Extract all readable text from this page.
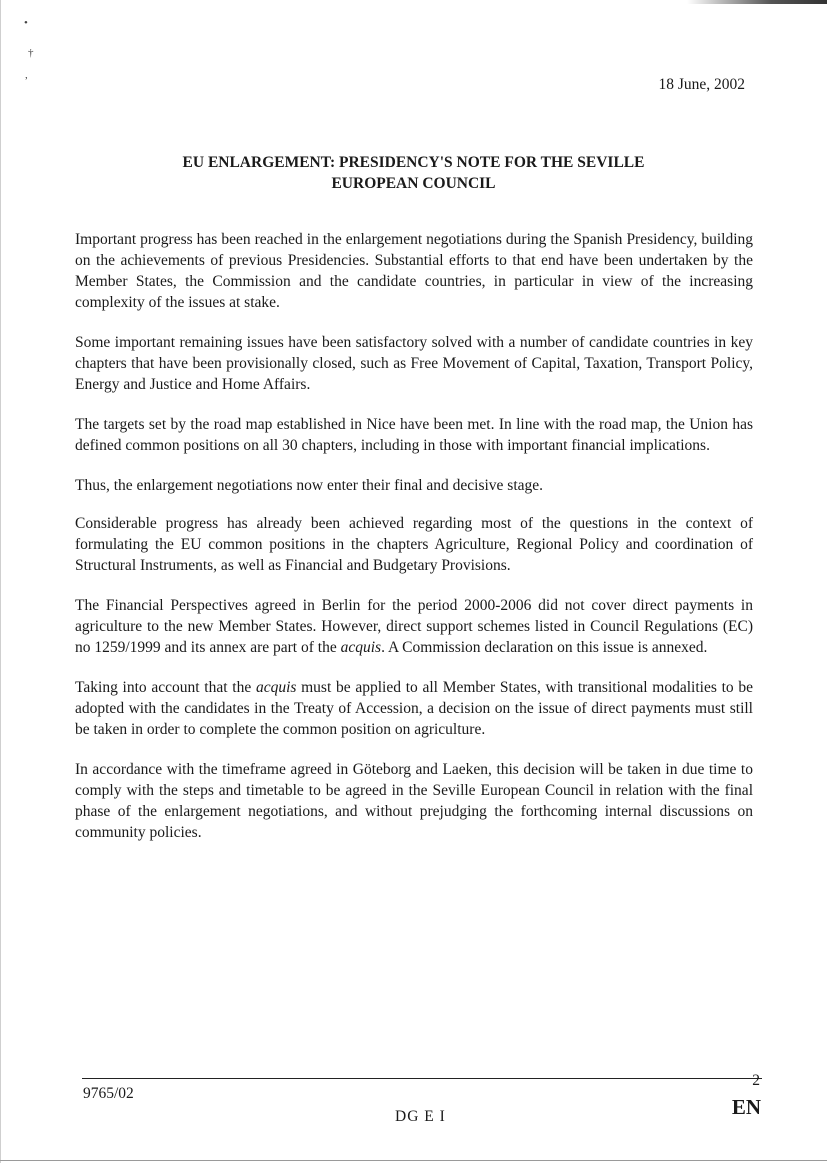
•
†
,
18 June, 2002
EU ENLARGEMENT: PRESIDENCY'S NOTE FOR THE SEVILLE
EUROPEAN COUNCIL

Important progress has been reached in the enlargement negotiations during the Spanish Presidency, building on the achievements of previous Presidencies. Substantial efforts to that end have been undertaken by the Member States, the Commission and the candidate countries, in particular in view of the increasing complexity of the issues at stake.

Some important remaining issues have been satisfactory solved with a number of candidate countries in key chapters that have been provisionally closed, such as Free Movement of Capital, Taxation, Transport Policy, Energy and Justice and Home Affairs.

The targets set by the road map established in Nice have been met. In line with the road map, the Union has defined common positions on all 30 chapters, including in those with important financial implications.

Thus, the enlargement negotiations now enter their final and decisive stage.

Considerable progress has already been achieved regarding most of the questions in the context of formulating the EU common positions in the chapters Agriculture, Regional Policy and coordination of Structural Instruments, as well as Financial and Budgetary Provisions.

The Financial Perspectives agreed in Berlin for the period 2000-2006 did not cover direct payments in agriculture to the new Member States. However, direct support schemes listed in Council Regulations (EC) no 1259/1999 and its annex are part of the acquis. A Commission declaration on this issue is annexed.

Taking into account that the acquis must be applied to all Member States, with transitional modalities to be adopted with the candidates in the Treaty of Accession, a decision on the issue of direct payments must still be taken in order to complete the common position on agriculture.

In accordance with the timeframe agreed in Göteborg and Laeken, this decision will be taken in due time to comply with the steps and timetable to be agreed in the Seville European Council in relation with the final phase of the enlargement negotiations, and without prejudging the forthcoming internal discussions on community policies.

9765/02
2
DG E I	EN
